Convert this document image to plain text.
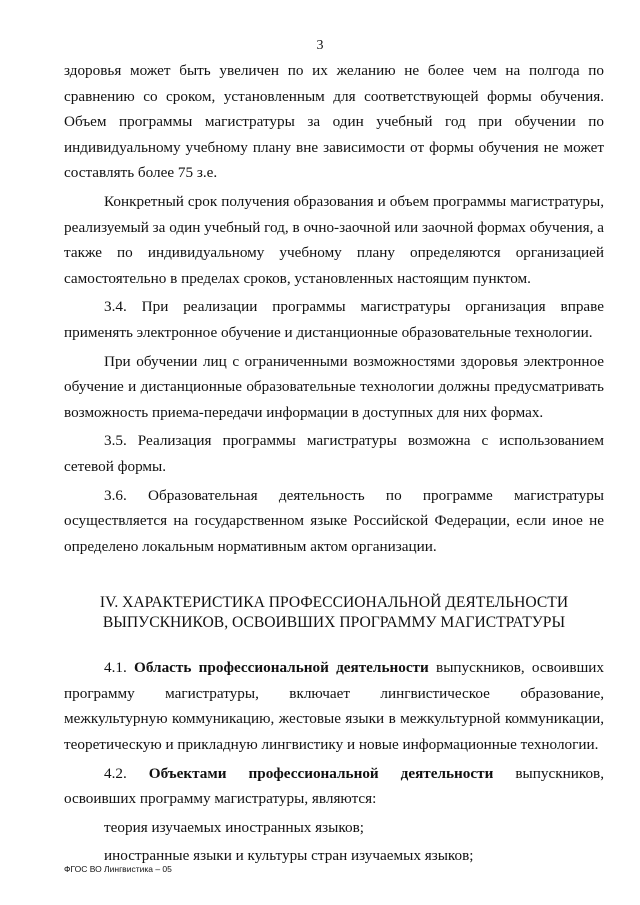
3

здоровья может быть увеличен по их желанию не более чем на полгода по сравнению со сроком, установленным для соответствующей формы обучения. Объем программы магистратуры за один учебный год при обучении по индивидуальному учебному плану вне зависимости от формы обучения не может составлять более 75 з.е.

Конкретный срок получения образования и объем программы магистратуры, реализуемый за один учебный год, в очно-заочной или заочной формах обучения, а также по индивидуальному учебному плану определяются организацией самостоятельно в пределах сроков, установленных настоящим пунктом.

3.4. При реализации программы магистратуры организация вправе применять электронное обучение и дистанционные образовательные технологии.

При обучении лиц с ограниченными возможностями здоровья электронное обучение и дистанционные образовательные технологии должны предусматривать возможность приема-передачи информации в доступных для них формах.

3.5. Реализация программы магистратуры возможна с использованием сетевой формы.

3.6. Образовательная деятельность по программе магистратуры осуществляется на государственном языке Российской Федерации, если иное не определено локальным нормативным актом организации.

IV. ХАРАКТЕРИСТИКА ПРОФЕССИОНАЛЬНОЙ ДЕЯТЕЛЬНОСТИ
ВЫПУСКНИКОВ, ОСВОИВШИХ ПРОГРАММУ МАГИСТРАТУРЫ

4.1. Область профессиональной деятельности выпускников, освоивших программу магистратуры, включает лингвистическое образование, межкультурную коммуникацию, жестовые языки в межкультурной коммуникации, теоретическую и прикладную лингвистику и новые информационные технологии.

4.2. Объектами профессиональной деятельности выпускников, освоивших программу магистратуры, являются:

теория изучаемых иностранных языков;

иностранные языки и культуры стран изучаемых языков;

ФГОС ВО Лингвистика – 05
